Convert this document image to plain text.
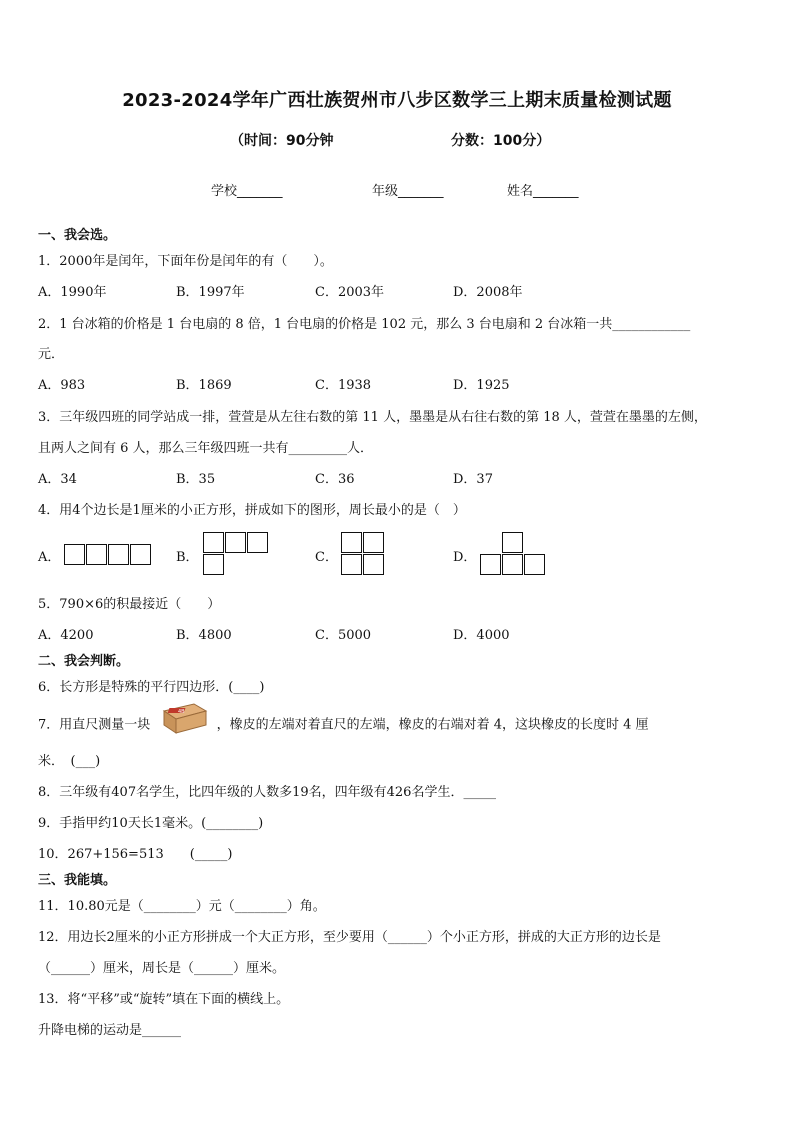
2023-2024学年广西壮族贺州市八步区数学三上期末质量检测试题
（时间：90分钟	分数：100分）
学校_______	年级_______	姓名_______
一、我会选。
1．2000年是闰年，下面年份是闰年的有（　　）。
A．1990年	B．1997年	C．2003年	D．2008年
2．1 台冰箱的价格是 1 台电扇的 8 倍，1 台电扇的价格是 102 元，那么 3 台电扇和 2 台冰箱一共____________
元．
A．983	B．1869	C．1938	D．1925
3．三年级四班的同学站成一排，萱萱是从左往右数的第 11 人，墨墨是从右往右数的第 18 人，萱萱在墨墨的左侧，
且两人之间有 6 人，那么三年级四班一共有_________人．
A．34	B．35	C．36	D．37
4．用4个边长是1厘米的小正方形，拼成如下的图形，周长最小的是（　）
A．	B．	C．	D．
5．790×6的积最接近（　　）
A．4200	B．4800	C．5000	D．4000
二、我会判断。
6．长方形是特殊的平行四边形．(____)
7．用直尺测量一块
4B
，橡皮的左端对着直尺的左端，橡皮的右端对着 4，这块橡皮的长度时 4 厘
米．　(___)
8．三年级有407名学生，比四年级的人数多19名，四年级有426名学生．_____
9．手指甲约10天长1毫米。(________)
10．267+156=513　　(_____)
三、我能填。
11．10.80元是（________）元（________）角。
12．用边长2厘米的小正方形拼成一个大正方形，至少要用（______）个小正方形，拼成的大正方形的边长是
（______）厘米，周长是（______）厘米。
13．将“平移”或“旋转”填在下面的横线上。
升降电梯的运动是______
